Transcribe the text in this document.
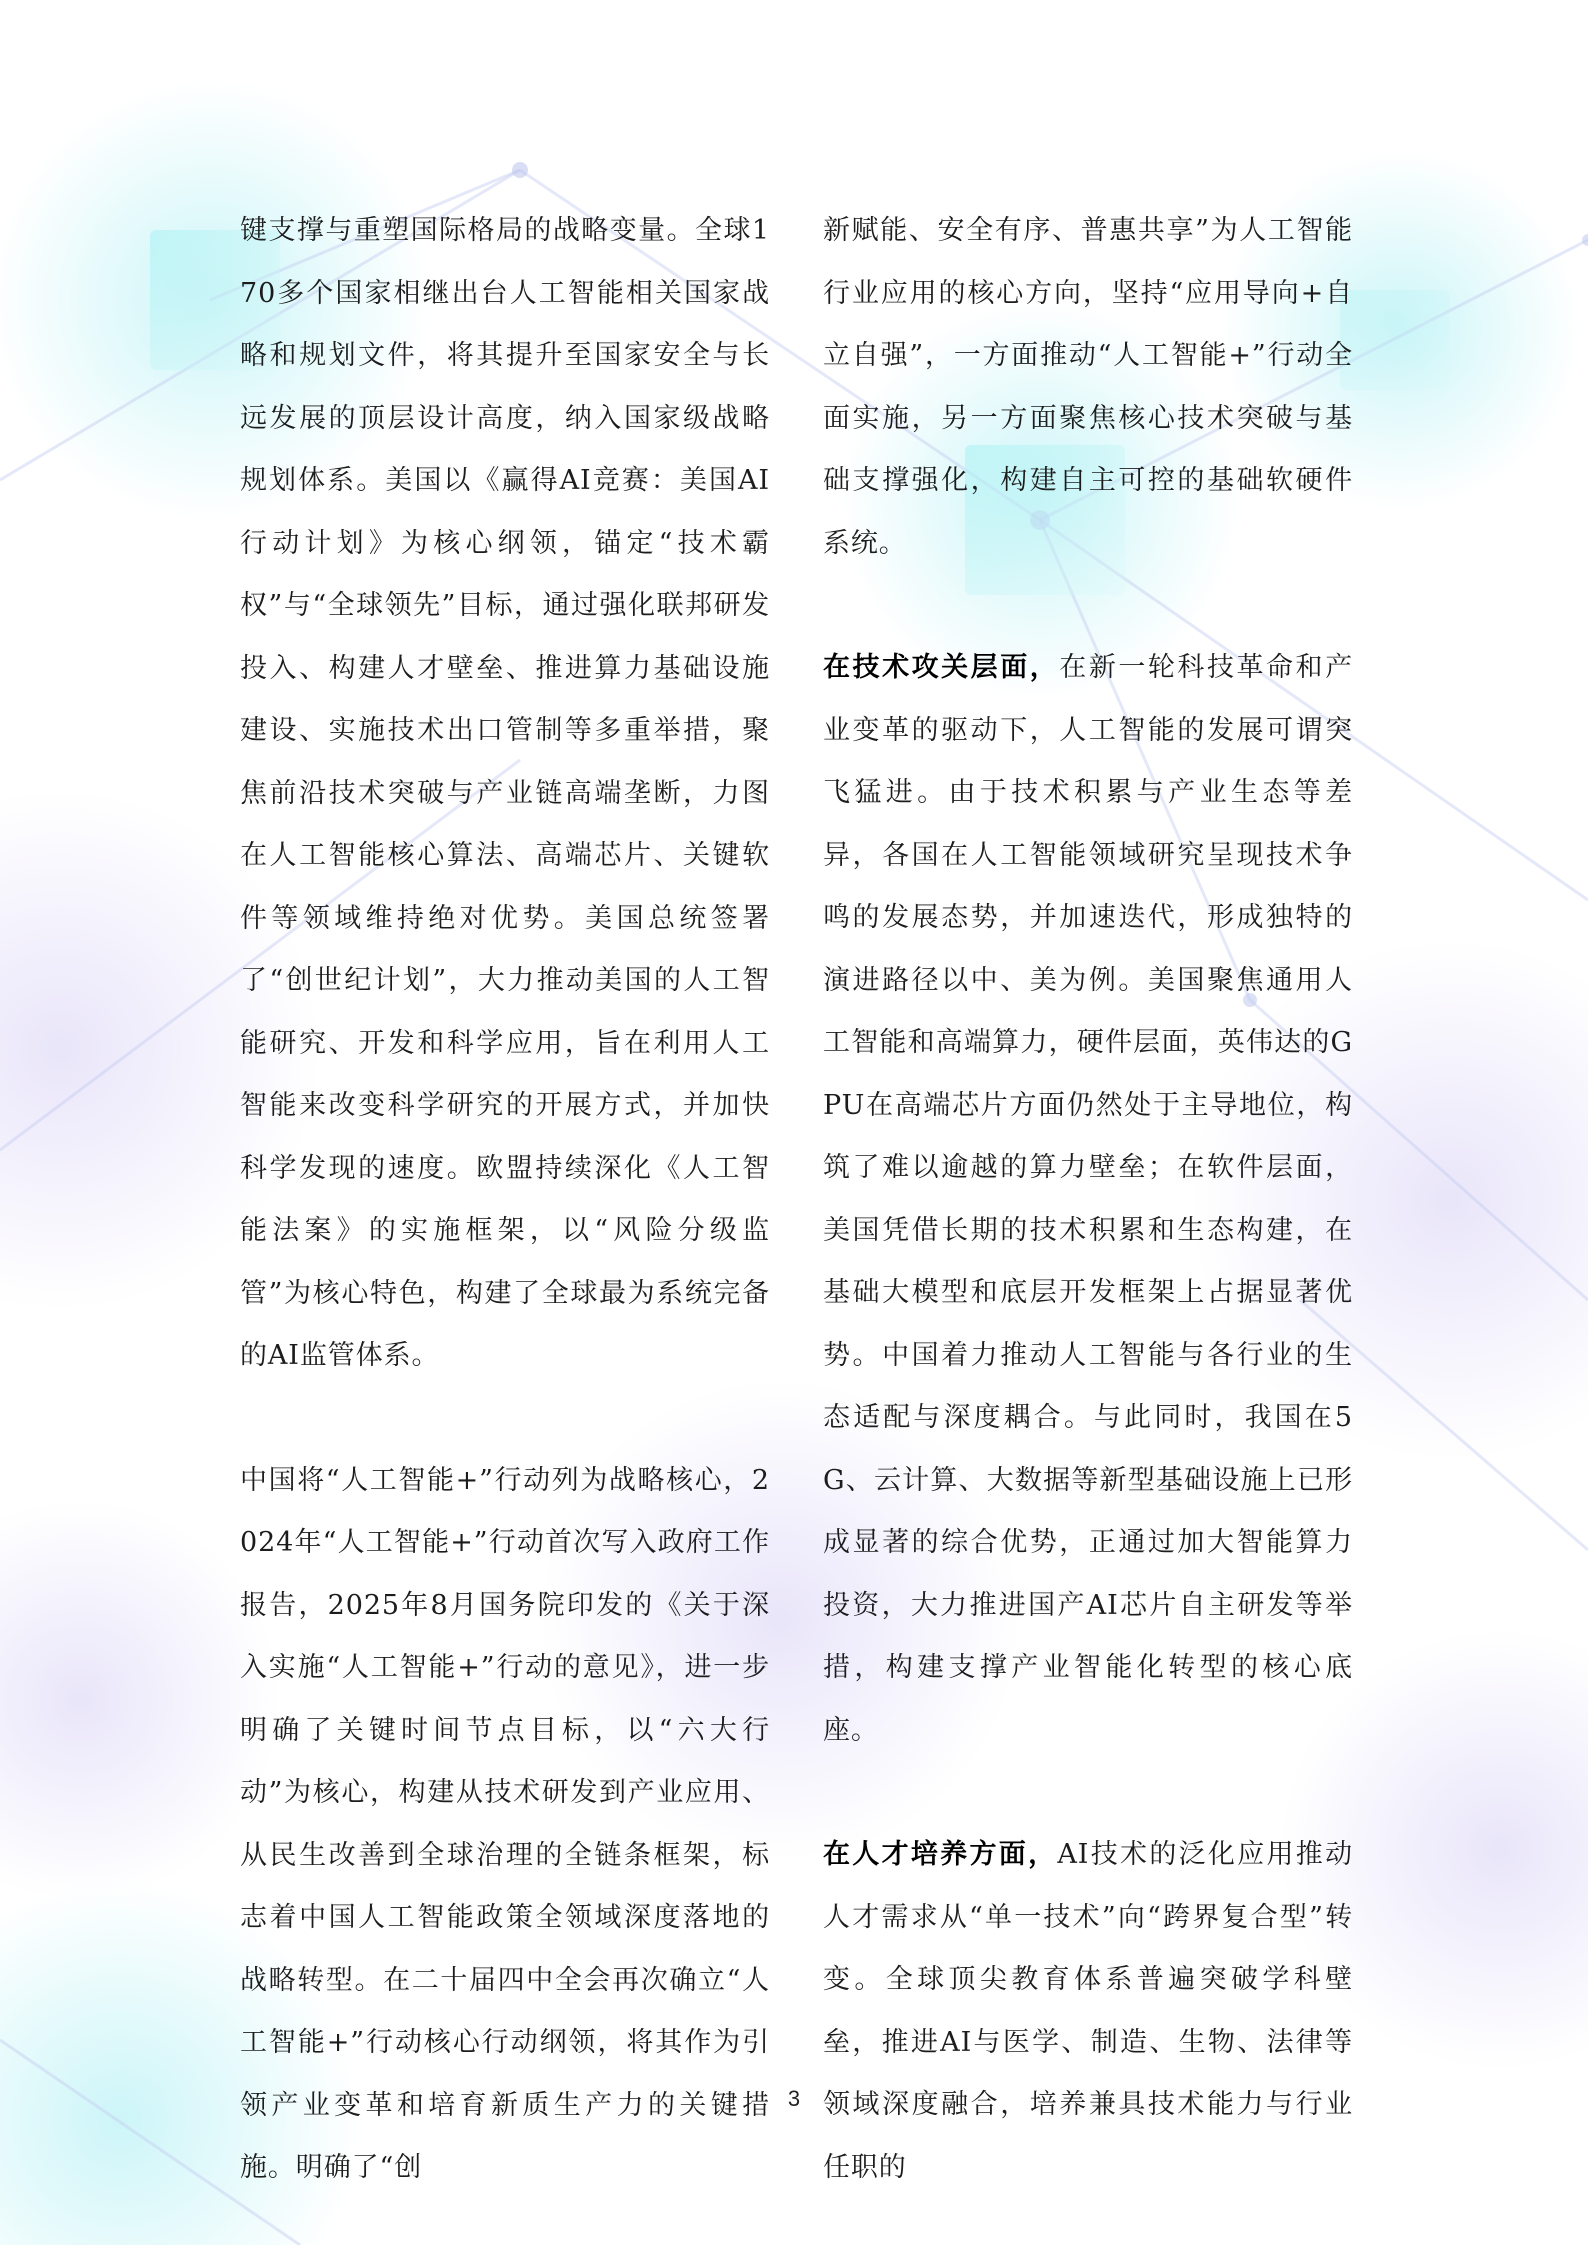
键支撑与重塑国际格局的战略变量。全球170多个国家相继出台人工智能相关国家战略和规划文件，将其提升至国家安全与长远发展的顶层设计高度，纳入国家级战略规划体系。美国以《赢得AI竞赛：美国AI行动计划》为核心纲领，锚定“技术霸权”与“全球领先”目标，通过强化联邦研发投入、构建人才壁垒、推进算力基础设施建设、实施技术出口管制等多重举措，聚焦前沿技术突破与产业链高端垄断，力图在人工智能核心算法、高端芯片、关键软件等领域维持绝对优势。美国总统签署了“创世纪计划”，大力推动美国的人工智能研究、开发和科学应用，旨在利用人工智能来改变科学研究的开展方式，并加快科学发现的速度。欧盟持续深化《人工智能法案》的实施框架，以“风险分级监管”为核心特色，构建了全球最为系统完备的AI监管体系。

中国将“人工智能+”行动列为战略核心，2024年“人工智能+”行动首次写入政府工作报告，2025年8月国务院印发的《关于深入实施“人工智能+”行动的意见》，进一步明确了关键时间节点目标，以“六大行动”为核心，构建从技术研发到产业应用、从民生改善到全球治理的全链条框架，标志着中国人工智能政策全领域深度落地的战略转型。在二十届四中全会再次确立“人工智能+”行动核心行动纲领，将其作为引领产业变革和培育新质生产力的关键措施。明确了“创

新赋能、安全有序、普惠共享”为人工智能行业应用的核心方向，坚持“应用导向+自立自强”，一方面推动“人工智能+”行动全面实施，另一方面聚焦核心技术突破与基础支撑强化，构建自主可控的基础软硬件系统。

在技术攻关层面，在新一轮科技革命和产业变革的驱动下，人工智能的发展可谓突飞猛进。由于技术积累与产业生态等差异，各国在人工智能领域研究呈现技术争鸣的发展态势，并加速迭代，形成独特的演进路径以中、美为例。美国聚焦通用人工智能和高端算力，硬件层面，英伟达的GPU在高端芯片方面仍然处于主导地位，构筑了难以逾越的算力壁垒；在软件层面，美国凭借长期的技术积累和生态构建，在基础大模型和底层开发框架上占据显著优势。中国着力推动人工智能与各行业的生态适配与深度耦合。与此同时，我国在5G、云计算、大数据等新型基础设施上已形成显著的综合优势，正通过加大智能算力投资，大力推进国产AI芯片自主研发等举措，构建支撑产业智能化转型的核心底座。

在人才培养方面，AI技术的泛化应用推动人才需求从“单一技术”向“跨界复合型”转变。全球顶尖教育体系普遍突破学科壁垒，推进AI与医学、制造、生物、法律等领域深度融合，培养兼具技术能力与行业任职的

3
